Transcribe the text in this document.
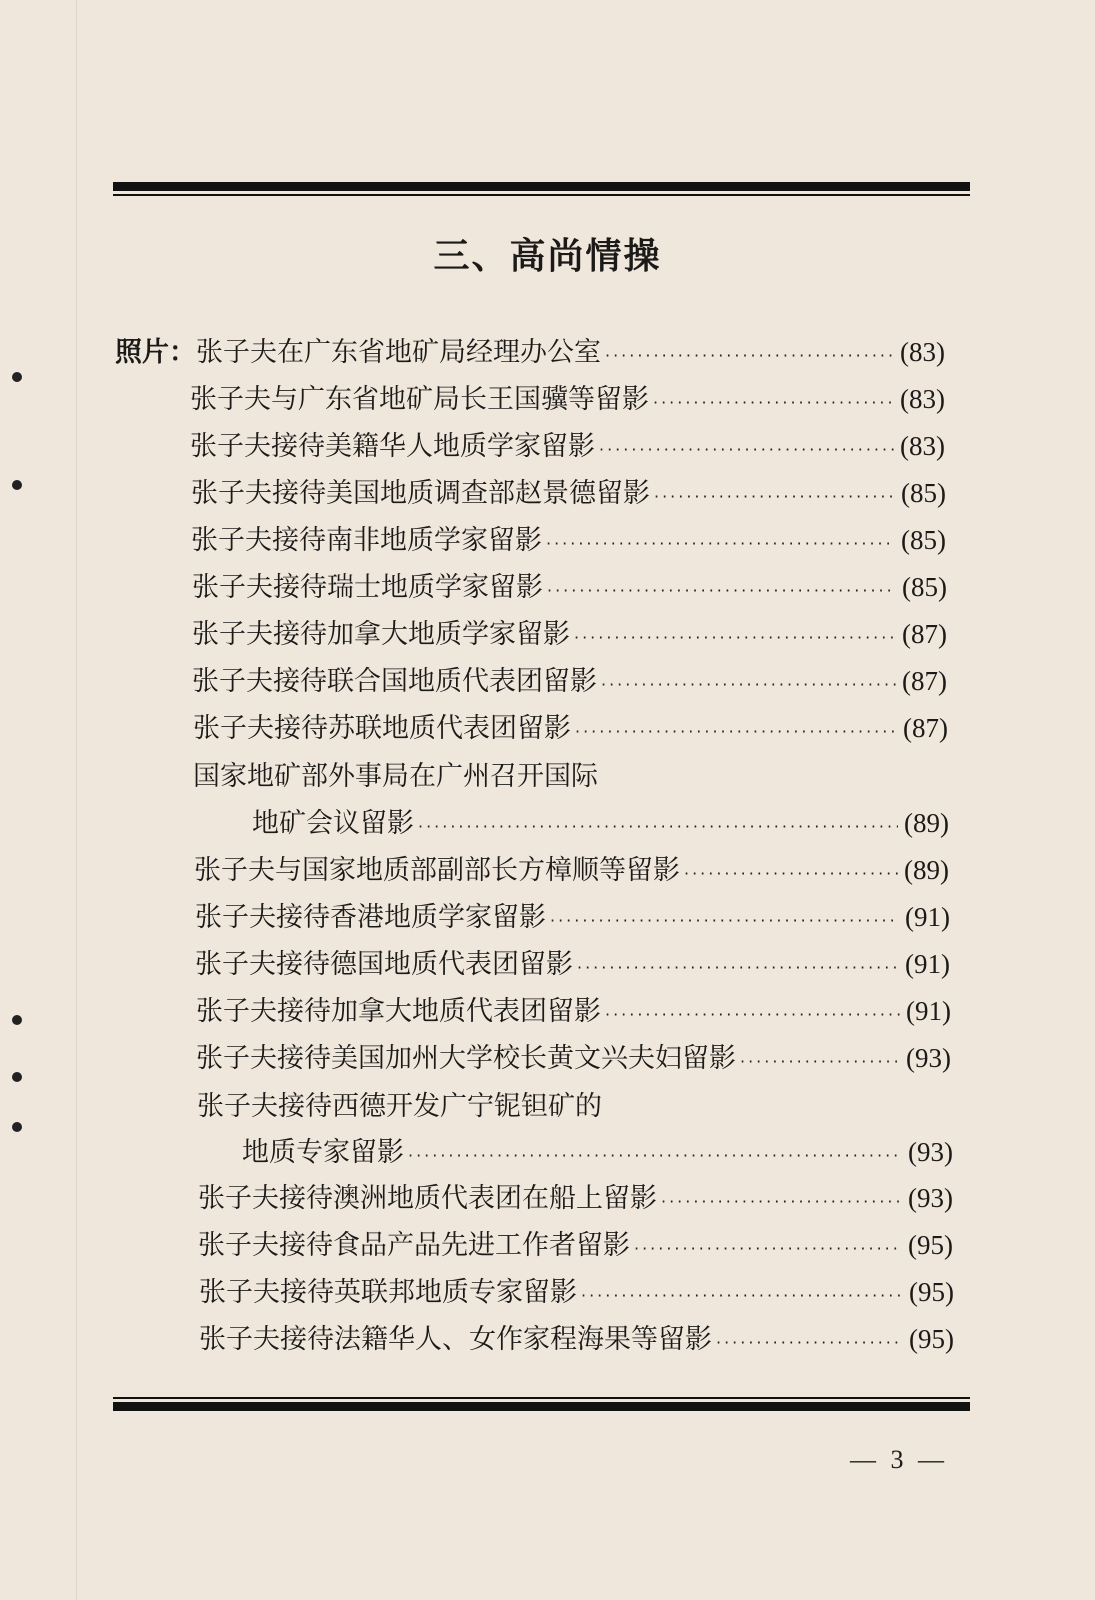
三、高尚情操
照片： 张子夫在广东省地矿局经理办公室 ·····	(83)
张子夫与广东省地矿局长王国骥等留影 ·····	(83)
张子夫接待美籍华人地质学家留影 ·····	(83)
张子夫接待美国地质调查部赵景德留影 ·····	(85)
张子夫接待南非地质学家留影 ·····	(85)
张子夫接待瑞士地质学家留影 ·····	(85)
张子夫接待加拿大地质学家留影 ·····	(87)
张子夫接待联合国地质代表团留影 ·····	(87)
张子夫接待苏联地质代表团留影 ·····	(87)
国家地矿部外事局在广州召开国际
地矿会议留影 ·····	(89)
张子夫与国家地质部副部长方樟顺等留影 ·····	(89)
张子夫接待香港地质学家留影 ·····	(91)
张子夫接待德国地质代表团留影 ·····	(91)
张子夫接待加拿大地质代表团留影 ·····	(91)
张子夫接待美国加州大学校长黄文兴夫妇留影 ·····	(93)
张子夫接待西德开发广宁铌钽矿的
地质专家留影 ·····	(93)
张子夫接待澳洲地质代表团在船上留影 ·····	(93)
张子夫接待食品产品先进工作者留影 ·····	(95)
张子夫接待英联邦地质专家留影 ·····	(95)
张子夫接待法籍华人、女作家程海果等留影 ·····	(95)
— 3 —
